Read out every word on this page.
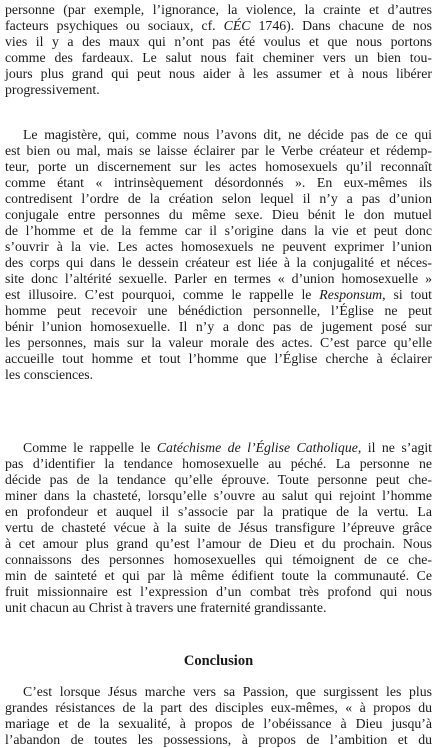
personne (par exemple, l’ignorance, la violence, la crainte et d’autres
facteurs psychiques ou sociaux, cf. CÉC 1746). Dans chacune de nos
vies il y a des maux qui n’ont pas été voulus et que nous portons
comme des fardeaux. Le salut nous fait cheminer vers un bien tou-
jours plus grand qui peut nous aider à les assumer et à nous libérer
progressivement.

Le magistère, qui, comme nous l’avons dit, ne décide pas de ce qui
est bien ou mal, mais se laisse éclairer par le Verbe créateur et rédemp-
teur, porte un discernement sur les actes homosexuels qu’il reconnaît
comme étant « intrinsèquement désordonnés ». En eux-mêmes ils
contredisent l’ordre de la création selon lequel il n’y a pas d’union
conjugale entre personnes du même sexe. Dieu bénit le don mutuel
de l’homme et de la femme car il s’origine dans la vie et peut donc
s’ouvrir à la vie. Les actes homosexuels ne peuvent exprimer l’union
des corps qui dans le dessein créateur est liée à la conjugalité et néces-
site donc l’altérité sexuelle. Parler en termes « d’union homosexuelle »
est illusoire. C’est pourquoi, comme le rappelle le Responsum, si tout
homme peut recevoir une bénédiction personnelle, l’Église ne peut
bénir l’union homosexuelle. Il n’y a donc pas de jugement posé sur
les personnes, mais sur la valeur morale des actes. C’est parce qu’elle
accueille tout homme et tout l’homme que l’Église cherche à éclairer
les consciences.

Comme le rappelle le Catéchisme de l’Église Catholique, il ne s’agit
pas d’identifier la tendance homosexuelle au péché. La personne ne
décide pas de la tendance qu’elle éprouve. Toute personne peut che-
miner dans la chasteté, lorsqu’elle s’ouvre au salut qui rejoint l’homme
en profondeur et auquel il s’associe par la pratique de la vertu. La
vertu de chasteté vécue à la suite de Jésus transfigure l’épreuve grâce
à cet amour plus grand qu’est l’amour de Dieu et du prochain. Nous
connaissons des personnes homosexuelles qui témoignent de ce che-
min de sainteté et qui par là même édifient toute la communauté. Ce
fruit missionnaire est l’expression d’un combat très profond qui nous
unit chacun au Christ à travers une fraternité grandissante.

Conclusion

C’est lorsque Jésus marche vers sa Passion, que surgissent les plus
grandes résistances de la part des disciples eux-mêmes, « à propos du
mariage et de la sexualité, à propos de l’obéissance à Dieu jusqu’à
l’abandon de toutes les possessions, à propos de l’ambition et du
